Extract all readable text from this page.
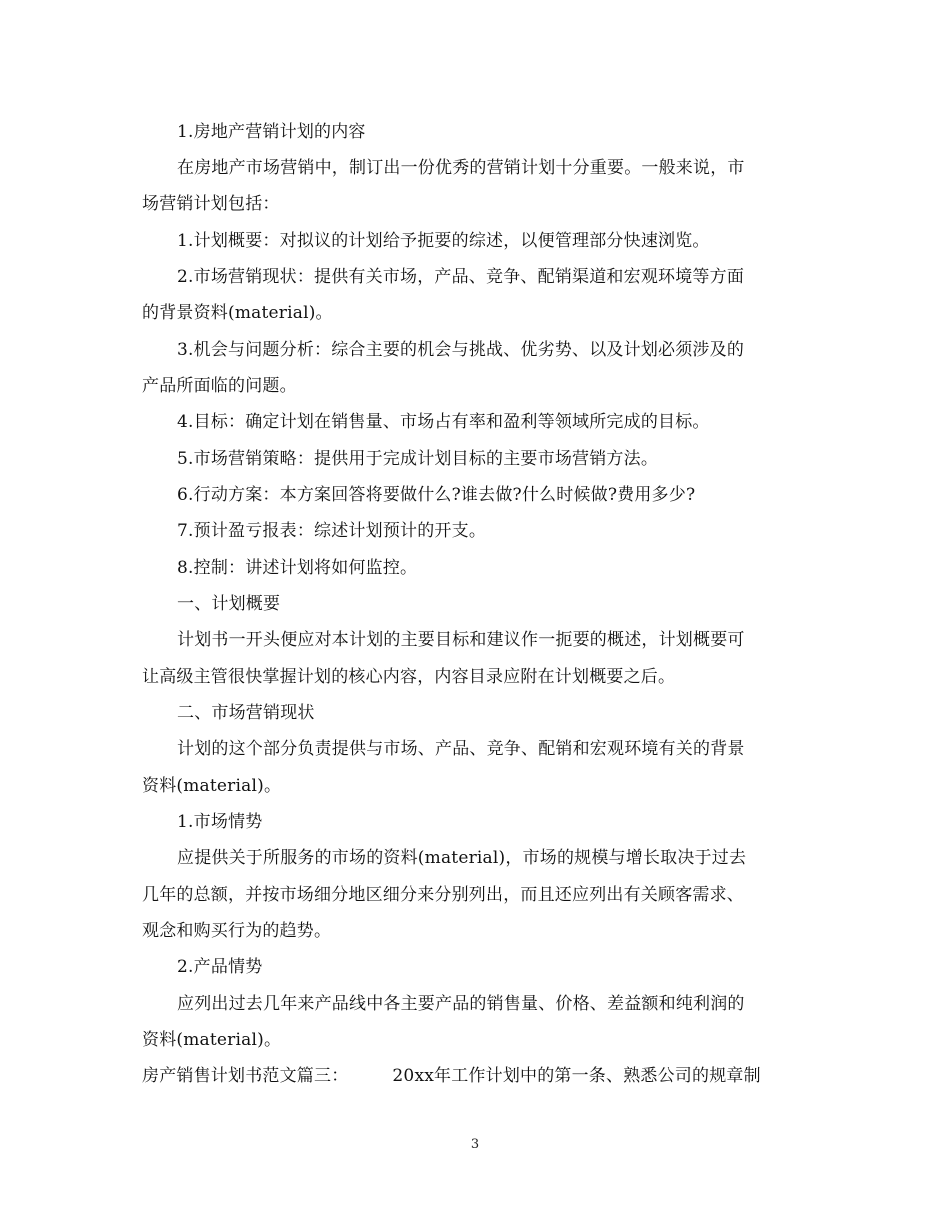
1.房地产营销计划的内容
在房地产市场营销中，制订出一份优秀的营销计划十分重要。一般来说，市
场营销计划包括：
1.计划概要：对拟议的计划给予扼要的综述，以便管理部分快速浏览。
2.市场营销现状：提供有关市场，产品、竞争、配销渠道和宏观环境等方面
的背景资料(material)。
3.机会与问题分析：综合主要的机会与挑战、优劣势、以及计划必须涉及的
产品所面临的问题。
4.目标：确定计划在销售量、市场占有率和盈利等领域所完成的目标。
5.市场营销策略：提供用于完成计划目标的主要市场营销方法。
6.行动方案：本方案回答将要做什么?谁去做?什么时候做?费用多少?
7.预计盈亏报表：综述计划预计的开支。
8.控制：讲述计划将如何监控。
一、计划概要
计划书一开头便应对本计划的主要目标和建议作一扼要的概述，计划概要可
让高级主管很快掌握计划的核心内容，内容目录应附在计划概要之后。
二、市场营销现状
计划的这个部分负责提供与市场、产品、竞争、配销和宏观环境有关的背景
资料(material)。
1.市场情势
应提供关于所服务的市场的资料(material)，市场的规模与增长取决于过去
几年的总额，并按市场细分地区细分来分别列出，而且还应列出有关顾客需求、
观念和购买行为的趋势。
2.产品情势
应列出过去几年来产品线中各主要产品的销售量、价格、差益额和纯利润的
资料(material)。
房产销售计划书范文篇三：	20xx年工作计划中的第一条、熟悉公司的规章制
3
